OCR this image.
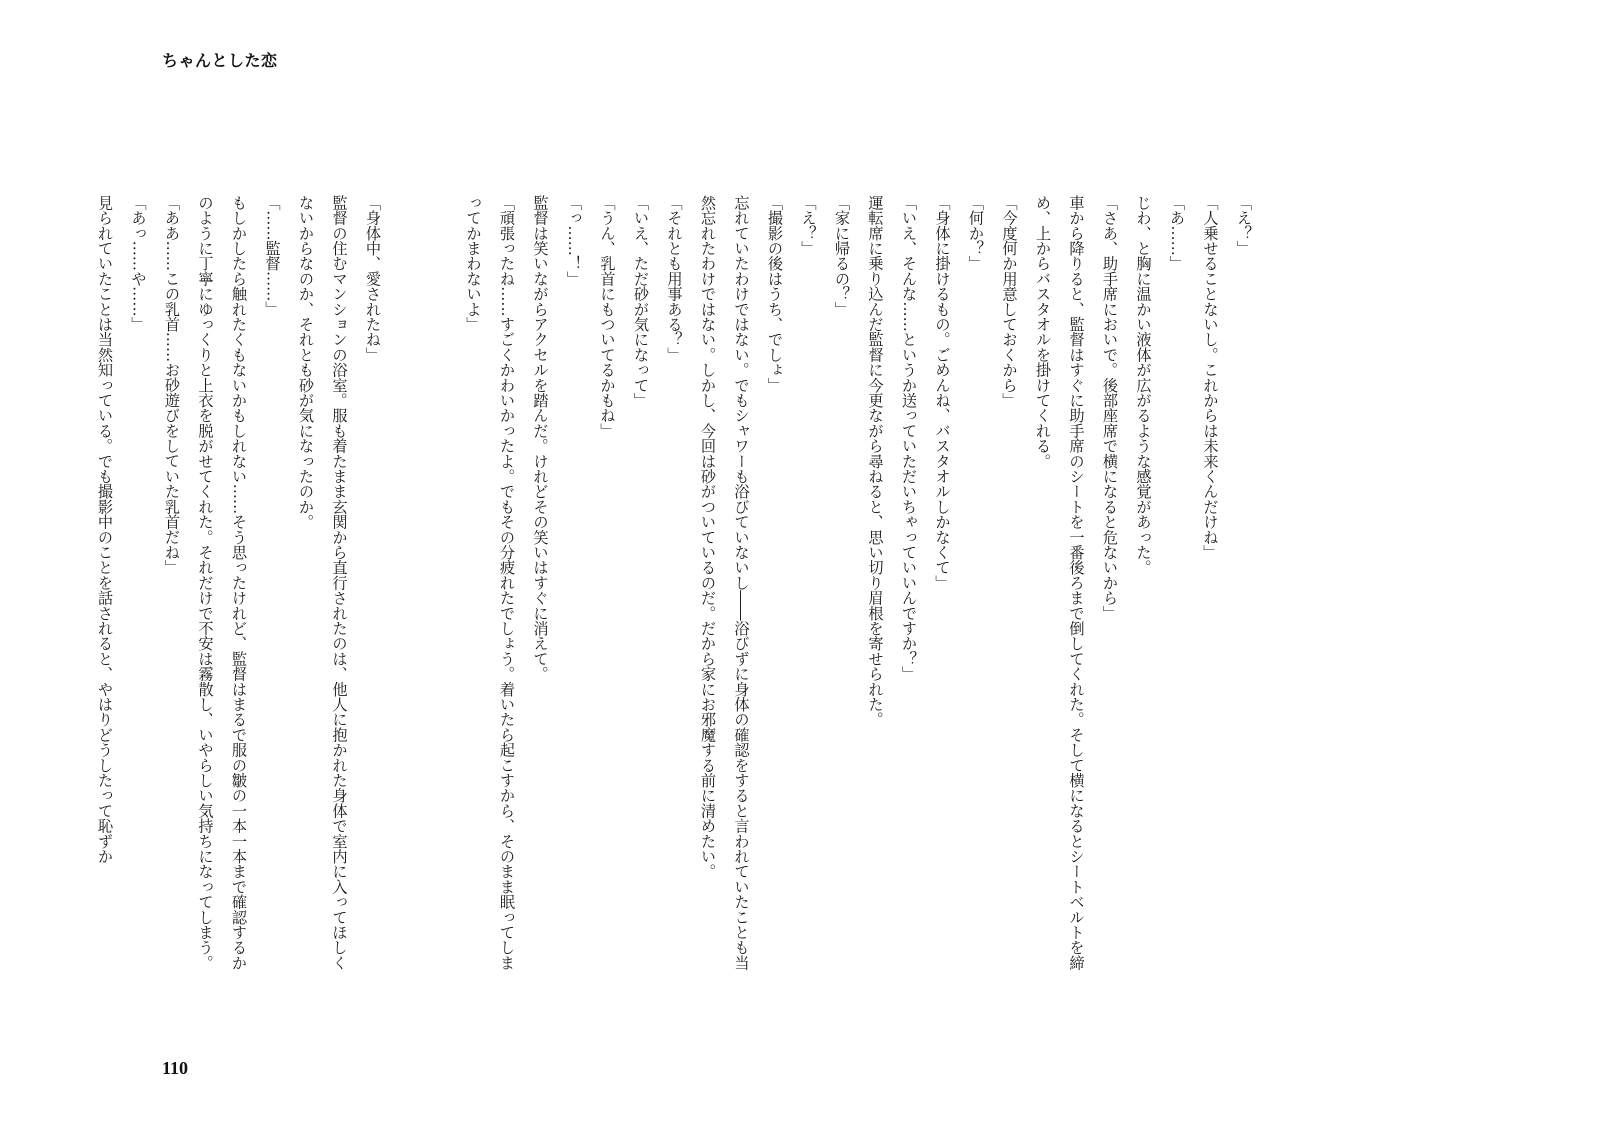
ちゃんとした恋

「え？」

「人乗せることないし。これからは未来くんだけね」

「あ……」

じわ、と胸に温かい液体が広がるような感覚があった。

「さあ、助手席においで。後部座席で横になると危ないから」

車から降りると、監督はすぐに助手席のシートを一番後ろまで倒してくれた。そして横になるとシートベルトを締め、上からバスタオルを掛けてくれる。

「今度何か用意しておくから」

「何か？」

「身体に掛けるもの。ごめんね、バスタオルしかなくて」

「いえ、そんな……というか送っていただいちゃっていいんですか？」

運転席に乗り込んだ監督に今更ながら尋ねると、思い切り眉根を寄せられた。

「家に帰るの？」

「え？」

「撮影の後はうち、でしょ」

忘れていたわけではない。でもシャワーも浴びていないし――浴びずに身体の確認をすると言われていたことも当然忘れたわけではない。しかし、今回は砂がついているのだ。だから家にお邪魔する前に清めたい。

「それとも用事ある？」

「いえ、ただ砂が気になって」

「うん、乳首にもついてるかもね」

「っ……！」

監督は笑いながらアクセルを踏んだ。けれどその笑いはすぐに消えて。

「頑張ったね……すごくかわいかったよ。でもその分疲れたでしょう。着いたら起こすから、そのまま眠ってしまってかまわないよ」

「身体中、愛されたね」

監督の住むマンションの浴室。服も着たまま玄関から直行されたのは、他人に抱かれた身体で室内に入ってほしくないからなのか、それとも砂が気になったのか。

「……監督……」

もしかしたら触れたくもないかもしれない……そう思ったけれど、監督はまるで服の皺の一本一本まで確認するかのように丁寧にゆっくりと上衣を脱がせてくれた。それだけで不安は霧散し、いやらしい気持ちになってしまう。

「ああ……この乳首……お砂遊びをしていた乳首だね」

「あっ……や……」

見られていたことは当然知っている。でも撮影中のことを話されると、やはりどうしたって恥ずか

110
